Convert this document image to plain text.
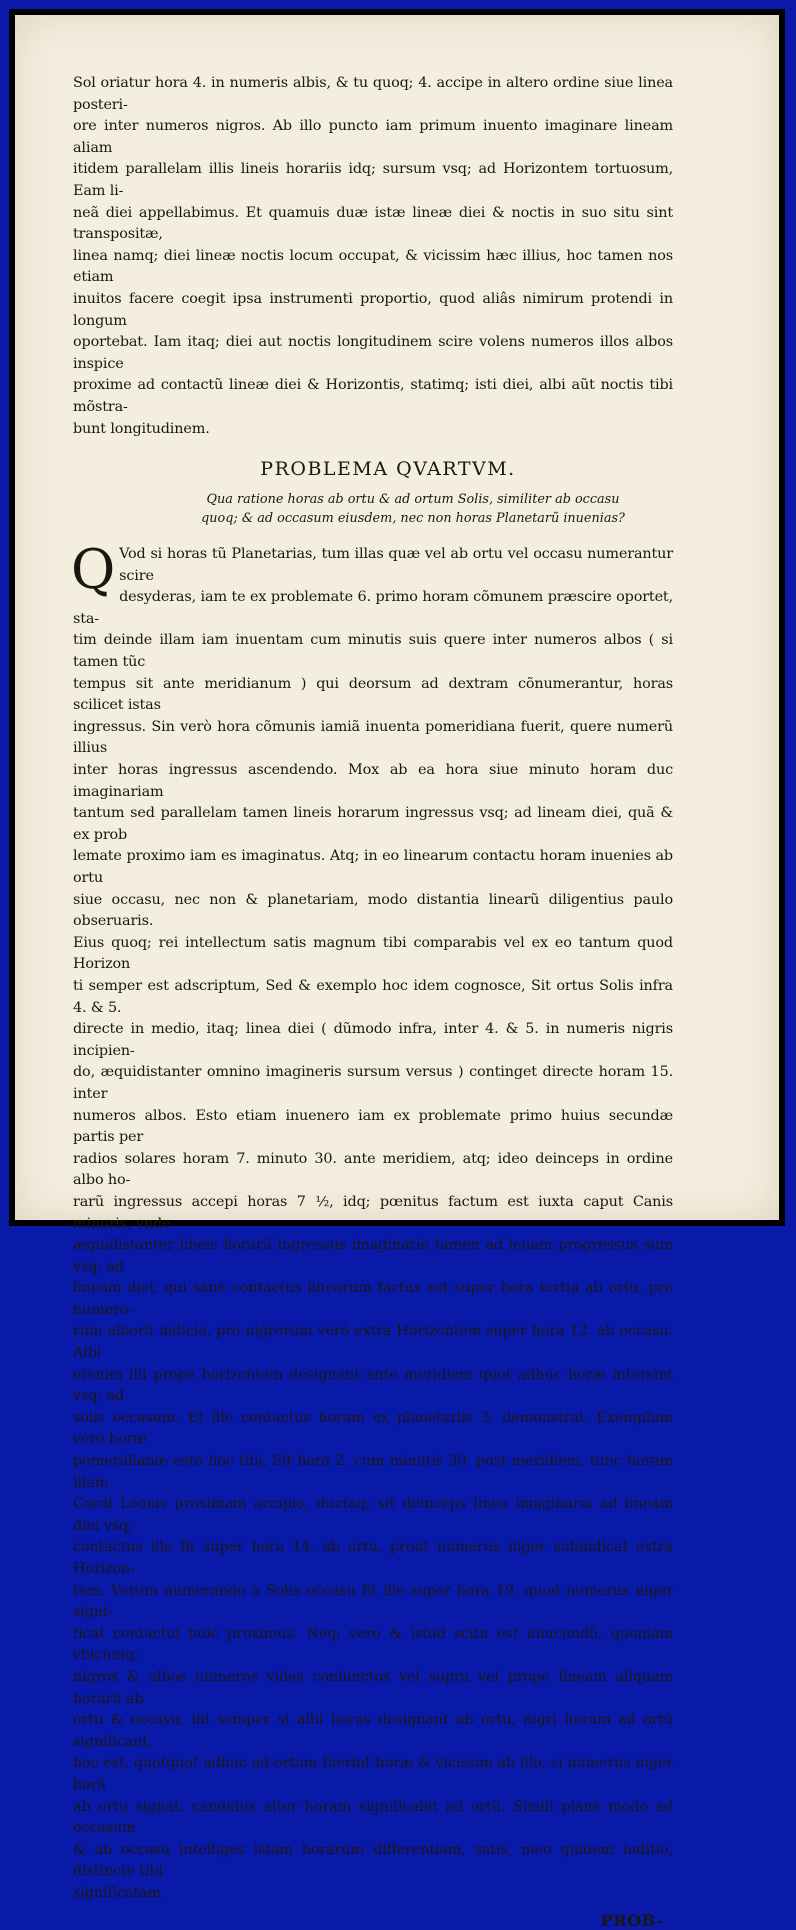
Sol oriatur hora 4. in numeris albis, & tu quoq; 4. accipe in altero ordine siue linea posteri-
ore inter numeros nigros. Ab illo puncto iam primum inuento imaginare lineam aliam
itidem parallelam illis lineis horariis idq; sursum vsq; ad Horizontem tortuosum, Eam li-
neã diei appellabimus. Et quamuis duæ istæ lineæ diei & noctis in suo situ sint transpositæ,
linea namq; diei lineæ noctis locum occupat, & vicissim hæc illius, hoc tamen nos etiam
inuitos facere coegit ipsa instrumenti proportio, quod aliâs nimirum protendi in longum
oportebat. Iam itaq; diei aut noctis longitudinem scire volens numeros illos albos inspice
proxime ad contactũ lineæ diei & Horizontis, statimq; isti diei, albi aũt noctis tibi mõstra-
bunt longitudinem.

PROBLEMA QVARTVM.
Qua ratione horas ab ortu & ad ortum Solis, similiter ab occasu
quoq; & ad occasum eiusdem, nec non horas Planetarũ inuenias?

Q Vod si horas tũ Planetarias, tum illas quæ vel ab ortu vel occasu numerantur scire
desyderas, iam te ex problemate 6. primo horam cõmunem præscire oportet, sta-
tim deinde illam iam inuentam cum minutis suis quere inter numeros albos ( si tamen tũc
tempus sit ante meridianum ) qui deorsum ad dextram cõnumerantur, horas scilicet istas
ingressus. Sin verò hora cõmunis iamiã inuenta pomeridiana fuerit, quere numerũ illius
inter horas ingressus ascendendo. Mox ab ea hora siue minuto horam duc imaginariam
tantum sed parallelam tamen lineis horarum ingressus vsq; ad lineam diei, quã & ex prob
lemate proximo iam es imaginatus. Atq; in eo linearum contactu horam inuenies ab ortu
siue occasu, nec non & planetariam, modo distantia linearũ diligentius paulo obseruaris.
Eius quoq; rei intellectum satis magnum tibi comparabis vel ex eo tantum quod Horizon
ti semper est adscriptum, Sed & exemplo hoc idem cognosce, Sit ortus Solis infra 4. & 5.
directe in medio, itaq; linea diei ( dũmodo infra, inter 4. & 5. in numeris nigris incipien-
do, æquidistanter omnino imagineris sursum versus ) continget directe horam 15. inter
numeros albos. Esto etiam inuenero iam ex problemate primo huius secundæ partis per
radios solares horam 7. minuto 30. ante meridiem, atq; ideo deinceps in ordine albo ho-
rarũ ingressus accepi horas 7 ½, idq; pœnitus factum est iuxta caput Canis minoris, vnde
æquidistanter lineis horarũ ingressus imaginarie tamen ad leuam progressus sum vsq; ad
lineam diei, qui sanè contactus linearum factus est super hora tertia ab ortu, pro numero-
rum alborũ indicio, pro nigrorum verò extra Horizontem super hora 12. ab occasu. Albi
etenim illi prope horizontem designant ante meridiem quot adhuc horæ intersint vsq; ad
solis occasum. Et ille contactus horam ex planetariis 3. demonstrat. Exemplum vero horæ
pomeridianæ esto hoc tibi, Sit hora 2. cum minutis 30. post meridiem, tunc horam illam
Cordi Leonis proximam accipio, ductaq; sit deinceps linea imaginaria ad lineam diei vsq;
contactus ille fit super hora 14. ab ortu, prout numerus niger subindicat extra Horizon-
tem, Verum numerando à Solis occasu fit ille super hora 19. quod numerus niger signi-
ficat contactui huic proximus. Neq; vero & istud scitu est iniucundũ, quoniam vbicumq;
nigros & albos numeros vides coniunctos vel supra vel prope lineam aliquam horarũ ab
ortu & occasu, ibi semper si albi horas designant ab ortu, nigri horam ad ortũ significant,
hoc est, quotquot adhuc ad ortum fuerint horæ & vicissim ab illo, si numerus niger horã
ab ortu signat, candidus alter horam significabit ad ortũ. Simili planè modo ad occasum
& ab occasu intelliges istam horarum differentiam, satis, meo quidem iuditio, distincte tibi
significatam.

PROB-
